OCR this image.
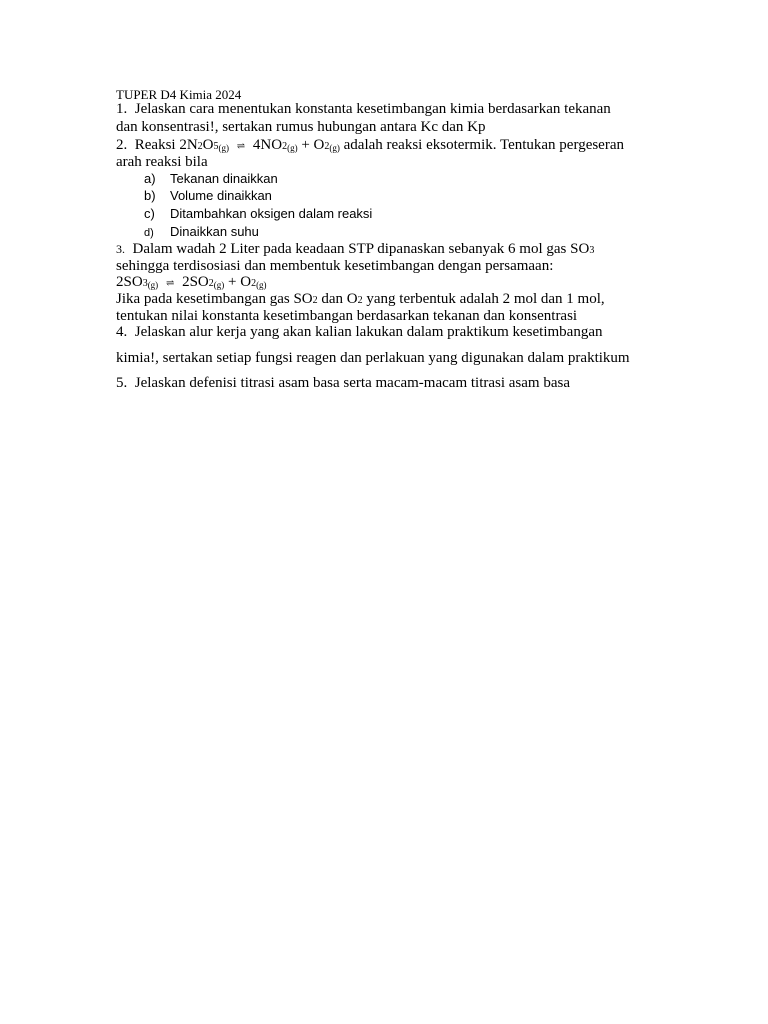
TUPER D4 Kimia 2024
1. Jelaskan cara menentukan konstanta kesetimbangan kimia berdasarkan tekanan
dan konsentrasi!, sertakan rumus hubungan antara Kc dan Kp
2. Reaksi 2N2O5(g) ⇌ 4NO2(g) + O2(g) adalah reaksi eksotermik. Tentukan pergeseran
arah reaksi bila
a) Tekanan dinaikkan
b) Volume dinaikkan
c) Ditambahkan oksigen dalam reaksi
d) Dinaikkan suhu
3. Dalam wadah 2 Liter pada keadaan STP dipanaskan sebanyak 6 mol gas SO3
sehingga terdisosiasi dan membentuk kesetimbangan dengan persamaan:
2SO3(g) ⇌ 2SO2(g) + O2(g)
Jika pada kesetimbangan gas SO2 dan O2 yang terbentuk adalah 2 mol dan 1 mol,
tentukan nilai konstanta kesetimbangan berdasarkan tekanan dan konsentrasi
4. Jelaskan alur kerja yang akan kalian lakukan dalam praktikum kesetimbangan
kimia!, sertakan setiap fungsi reagen dan perlakuan yang digunakan dalam praktikum
5. Jelaskan defenisi titrasi asam basa serta macam-macam titrasi asam basa
